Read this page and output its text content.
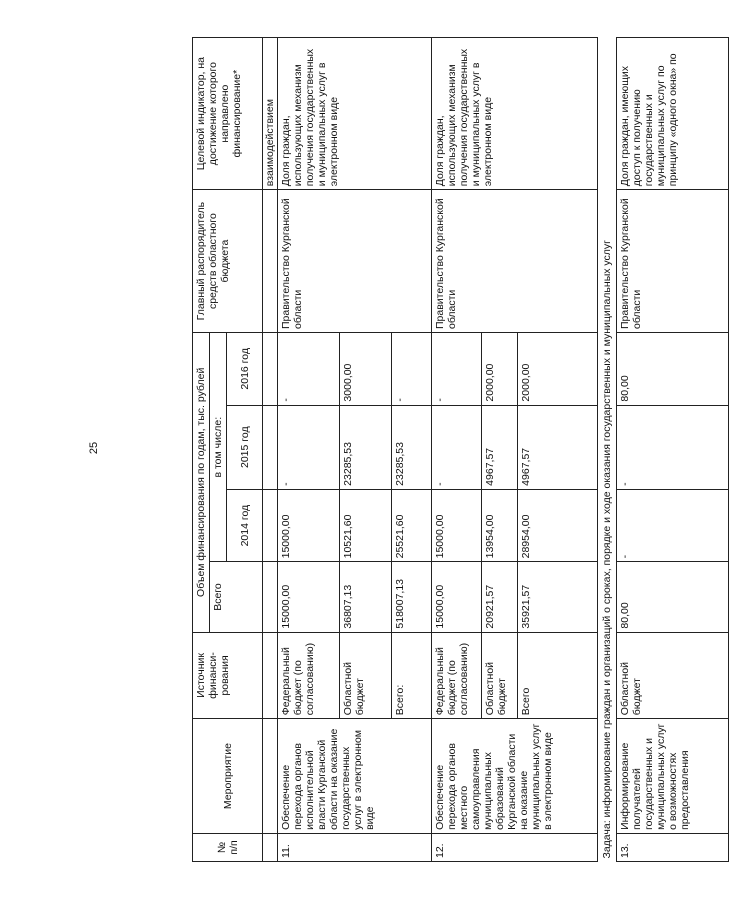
25
№ п/п	Мероприятие	Источник финанси-рования	Объем финансирования по годам, тыс. рублей				Главный распорядитель средств областного бюджета	Целевой индикатор, на достижение которого направлено финансирование*
			Всего	в том числе:				
				2014 год	2015 год	2016 год		
								взаимодействием
11.	Обеспечение перехода органов исполнительной власти Курганской области на оказание государственных услуг в электронном виде	Федеральный бюджет (по согласованию)	15000,00	15000,00	-	-	Правительство Курганской области	Доля граждан, использующих механизм получения государственных и муниципальных услуг в электронном виде
		Областной бюджет	36807,13	10521,60	23285,53	3000,00		
		Всего:	518007,13	25521,60	23285,53	-		
12.	Обеспечение перехода органов местного самоуправления муниципальных образований Курганской области на оказание муниципальных услуг в электронном виде	Федеральный бюджет (по согласованию)	15000,00	15000,00	-	-	Правительство Курганской области	Доля граждан, использующих механизм получения государственных и муниципальных услуг в электронном виде
		Областной бюджет	20921,57	13954,00	4967,57	2000,00		
		Всего	35921,57	28954,00	4967,57	2000,00		
Задача: информирование граждан и организаций о сроках, порядке и ходе оказания государственных и муниципальных услуг								
13.	Информирование получателей государственных и муниципальных услуг о возможностях предоставления	Областной бюджет	80,00	-	-	80,00	Правительство Курганской области	Доля граждан, имеющих доступ к получению государственных и муниципальных услуг по принципу «одного окна» по
